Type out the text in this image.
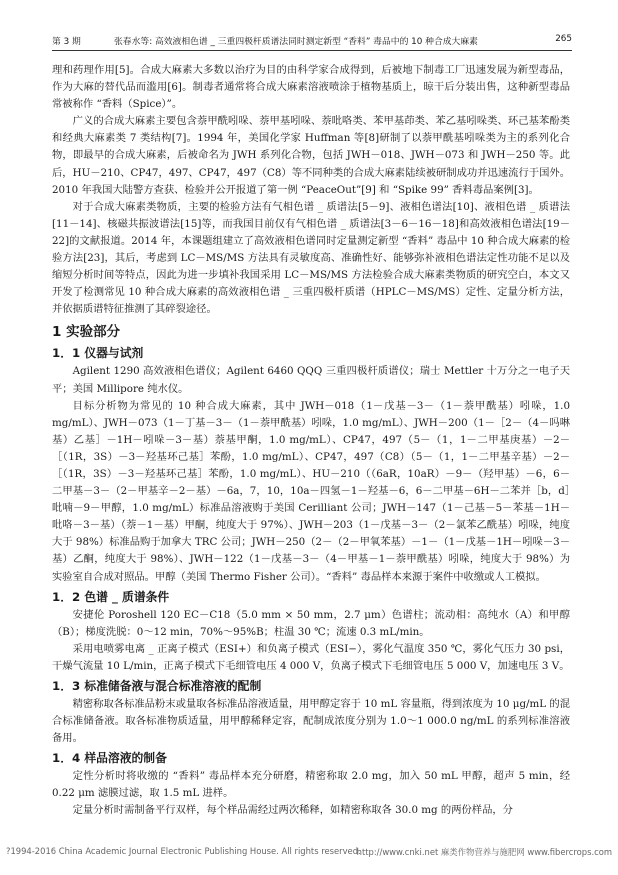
第 3 期	张春水等: 高效液相色谱 _ 三重四极杆质谱法同时测定新型 “香料” 毒品中的 10 种合成大麻素	265

理和药理作用[5]。合成大麻素大多数以治疗为目的由科学家合成得到，后被地下制毒工厂迅速发展为新型毒品，作为大麻的替代品而滥用[6]。制毒者通常将合成大麻素溶液喷涂于植物基质上，晾干后分装出售，这种新型毒品常被称作 “香料（Spice）”。

广义的合成大麻素主要包含萘甲酰吲哚、萘甲基吲哚、萘吡咯类、苯甲基茚类、苯乙基吲哚类、环己基苯酚类和经典大麻素类 7 类结构[7]。1994 年，美国化学家 Huffman 等[8]研制了以萘甲酰基吲哚类为主的系列化合物，即最早的合成大麻素，后被命名为 JWH 系列化合物，包括 JWH－018、JWH－073 和 JWH－250 等。此后，HU－210、CP47，497、CP47，497（C8）等不同种类的合成大麻素陆续被研制成功并迅速流行于国外。2010 年我国大陆警方查获、检验并公开报道了第一例 “PeaceOut”[9] 和 “Spike 99” 香料毒品案例[3]。

对于合成大麻素类物质，主要的检验方法有气相色谱 _ 质谱法[5－9]、液相色谱法[10]、液相色谱 _ 质谱法[11－14]、核磁共振波谱法[15]等，而我国目前仅有气相色谱 _ 质谱法[3－6－16－18]和高效液相色谱法[19－22]的文献报道。2014 年，本课题组建立了高效液相色谱同时定量测定新型 “香料” 毒品中 10 种合成大麻素的检验方法[23]，其后，考虑到 LC－MS/MS 方法具有灵敏度高、准确性好、能够弥补液相色谱法定性功能不足以及缩短分析时间等特点，因此为进一步填补我国采用 LC－MS/MS 方法检验合成大麻素类物质的研究空白，本文又开发了检测常见 10 种合成大麻素的高效液相色谱 _ 三重四极杆质谱（HPLC－MS/MS）定性、定量分析方法，并依据质谱特征推测了其碎裂途径。

1 实验部分
1．1 仪器与试剂

Agilent 1290 高效液相色谱仪；Agilent 6460 QQQ 三重四极杆质谱仪；瑞士 Mettler 十万分之一电子天平；美国 Millipore 纯水仪。

目标分析物为常见的 10 种合成大麻素，其中 JWH－018（1－戊基－3－（1－萘甲酰基）吲哚，1.0 mg/mL）、JWH－073（1－丁基－3－（1－萘甲酰基）吲哚，1.0 mg/mL）、JWH－200（1－［2－（4－吗啉基）乙基］－1H－吲哚－3－基）萘基甲酮，1.0 mg/mL）、CP47，497（5－（1，1－二甲基庚基）－2－［（1R，3S）－3－羟基环己基］苯酚，1.0 mg/mL）、CP47，497（C8）（5－（1，1－二甲基辛基）－2－［（1R，3S）－3－羟基环己基］苯酚，1.0 mg/mL）、HU－210（（6aR，10aR）－9－（羟甲基）－6，6－二甲基－3－（2－甲基辛－2－基）－6a，7，10，10a－四氢－1－羟基－6，6－二甲基－6H－二苯并［b，d］吡喃－9－甲醇，1.0 mg/mL）标准品溶液购于美国 Cerilliant 公司；JWH－147（1－己基－5－苯基－1H－吡咯－3－基）（萘－1－基）甲酮，纯度大于 97%）、JWH－203（1－戊基－3－（2－氯苯乙酰基）吲哚，纯度大于 98%）标准品购于加拿大 TRC 公司；JWH－250（2－（2－甲氧苯基）－1－（1－戊基－1H－吲哚－3－基）乙酮，纯度大于 98%）、JWH－122（1－戊基－3－（4－甲基－1－萘甲酰基）吲哚，纯度大于 98%）为实验室自合成对照品。甲醇（美国 Thermo Fisher 公司）。“香料” 毒品样本来源于案件中收缴或人工模拟。

1．2 色谱 _ 质谱条件

安捷伦 Poroshell 120 EC－C18（5.0 mm × 50 mm，2.7 μm）色谱柱；流动相：高纯水（A）和甲醇（B）；梯度洗脱：0～12 min，70%～95%B；柱温 30 ℃；流速 0.3 mL/min。

采用电喷雾电离 _ 正离子模式（ESI+）和负离子模式（ESI−），雾化气温度 350 ℃，雾化气压力 30 psi，干燥气流量 10 L/min，正离子模式下毛细管电压 4 000 V，负离子模式下毛细管电压 5 000 V，加速电压 3 V。

1．3 标准储备液与混合标准溶液的配制

精密称取各标准品粉末或量取各标准品溶液适量，用甲醇定容于 10 mL 容量瓶，得到浓度为 10 μg/mL 的混合标准储备液。取各标准物质适量，用甲醇稀释定容，配制成浓度分别为 1.0～1 000.0 ng/mL 的系列标准溶液备用。

1．4 样品溶液的制备

定性分析时将收缴的 “香料” 毒品样本充分研磨，精密称取 2.0 mg，加入 50 mL 甲醇，超声 5 min，经 0.22 μm 滤膜过滤，取 1.5 mL 进样。

定量分析时需制备平行双样，每个样品需经过两次稀释，如精密称取各 30.0 mg 的两份样品，分

?1994-2016 China Academic Journal Electronic Publishing House. All rights reserved.
http://www.cnki.net 麻类作物营养与施肥网 www.fibercrops.com
